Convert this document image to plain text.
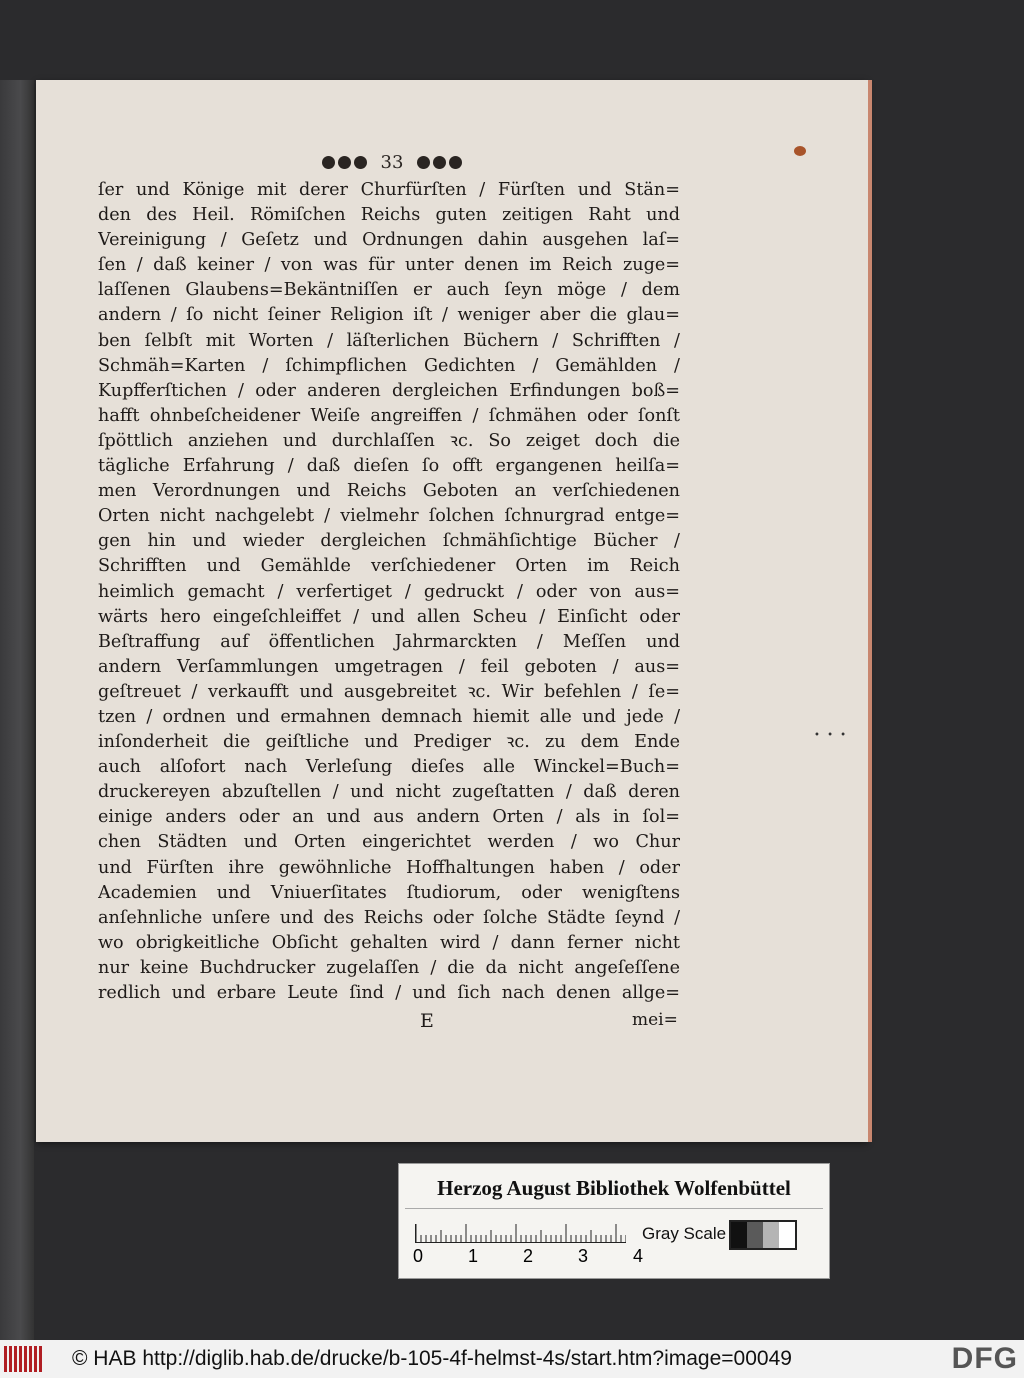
• • •
33
ſer und Könige mit derer Churfürſten / Fürſten und Stän=
den des Heil. Römiſchen Reichs guten zeitigen Raht und
Vereinigung / Geſetz und Ordnungen dahin ausgehen laſ=
ſen / daß keiner / von was für unter denen im Reich zuge=
laſſenen Glaubens=Bekäntniſſen er auch ſeyn möge / dem
andern / ſo nicht ſeiner Religion iſt / weniger aber die glau=
ben ſelbſt mit Worten / läſterlichen Büchern / Schrifften /
Schmäh=Karten / ſchimpflichen Gedichten / Gemählden /
Kupfferſtichen / oder anderen dergleichen Erfindungen boß=
hafft ohnbeſcheidener Weiſe angreiffen / ſchmähen oder ſonſt
ſpöttlich anziehen und durchlaſſen ꝛc. So zeiget doch die
tägliche Erfahrung / daß dieſen ſo offt ergangenen heilſa=
men Verordnungen und Reichs Geboten an verſchiedenen
Orten nicht nachgelebt / vielmehr ſolchen ſchnurgrad entge=
gen hin und wieder dergleichen ſchmähſichtige Bücher /
Schrifften und Gemählde verſchiedener Orten im Reich
heimlich gemacht / verfertiget / gedruckt / oder von aus=
wärts hero eingeſchleiffet / und allen Scheu / Einſicht oder
Beſtraffung auf öffentlichen Jahrmarckten / Meſſen und
andern Verſammlungen umgetragen / feil geboten / aus=
geſtreuet / verkaufft und ausgebreitet ꝛc. Wir befehlen / ſe=
tzen / ordnen und ermahnen demnach hiemit alle und jede /
inſonderheit die geiſtliche und Prediger ꝛc. zu dem Ende
auch alſofort nach Verleſung dieſes alle Winckel=Buch=
druckereyen abzuſtellen / und nicht zugeſtatten / daß deren
einige anders oder an und aus andern Orten / als in ſol=
chen Städten und Orten eingerichtet werden / wo Chur
und Fürſten ihre gewöhnliche Hoffhaltungen haben / oder
Academien und Vniuerſitates ſtudiorum, oder wenigſtens
anſehnliche unſere und des Reichs oder ſolche Städte ſeynd /
wo obrigkeitliche Obſicht gehalten wird / dann ferner nicht
nur keine Buchdrucker zugelaſſen / die da nicht angeſeſſene
redlich und erbare Leute ſind / und ſich nach denen allge=
E	mei=
Herzog August Bibliothek Wolfenbüttel
0 1 2 3 4
Gray Scale
© HAB http://diglib.hab.de/drucke/b-105-4f-helmst-4s/start.htm?image=00049	DFG
